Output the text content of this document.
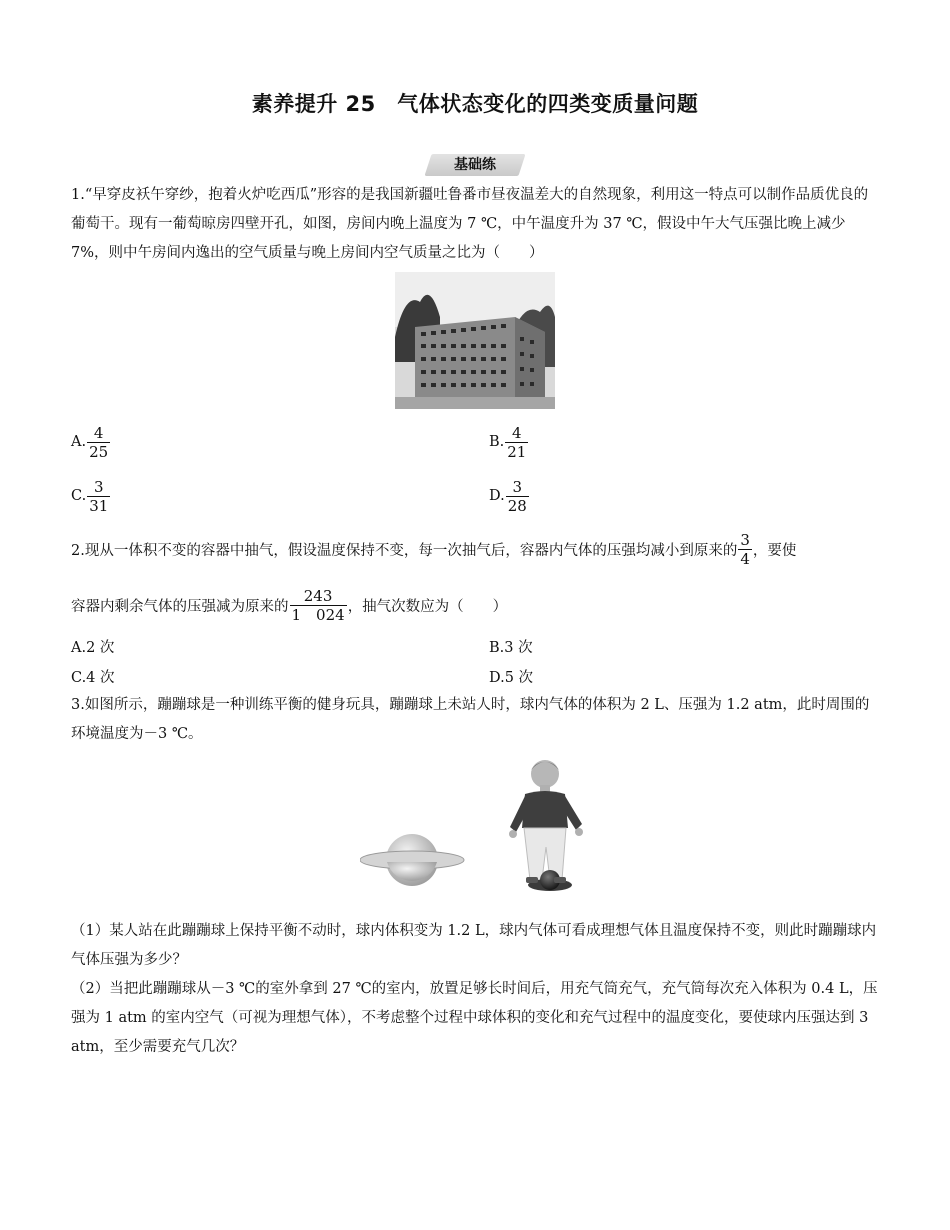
素养提升 25　气体状态变化的四类变质量问题
基础练
1.“早穿皮袄午穿纱，抱着火炉吃西瓜”形容的是我国新疆吐鲁番市昼夜温差大的自然现象，利用这一特点可以制作品质优良的葡萄干。现有一葡萄晾房四壁开孔，如图，房间内晚上温度为 7 ℃，中午温度升为 37 ℃，假设中午大气压强比晚上减少 7%，则中午房间内逸出的空气质量与晚上房间内空气质量之比为（　　）
A. $\frac{4}{25}$	B. $\frac{4}{21}$
C. $\frac{3}{31}$	D. $\frac{3}{28}$
2.现从一体积不变的容器中抽气，假设温度保持不变，每一次抽气后，容器内气体的压强均减小到原来的 $\frac{3}{4}$ ，要使
容器内剩余气体的压强减为原来的 $\frac{243}{1 024}$ ，抽气次数应为（　　）
A.2 次	B.3 次
C.4 次	D.5 次
3.如图所示，蹦蹦球是一种训练平衡的健身玩具，蹦蹦球上未站人时，球内气体的体积为 2 L、压强为 1.2 atm，此时周围的环境温度为－3 ℃。
（1）某人站在此蹦蹦球上保持平衡不动时，球内体积变为 1.2 L，球内气体可看成理想气体且温度保持不变，则此时蹦蹦球内气体压强为多少？
（2）当把此蹦蹦球从－3 ℃的室外拿到 27 ℃的室内，放置足够长时间后，用充气筒充气，充气筒每次充入体积为 0.4 L，压强为 1 atm 的室内空气（可视为理想气体），不考虑整个过程中球体积的变化和充气过程中的温度变化，要使球内压强达到 3 atm，至少需要充气几次？
